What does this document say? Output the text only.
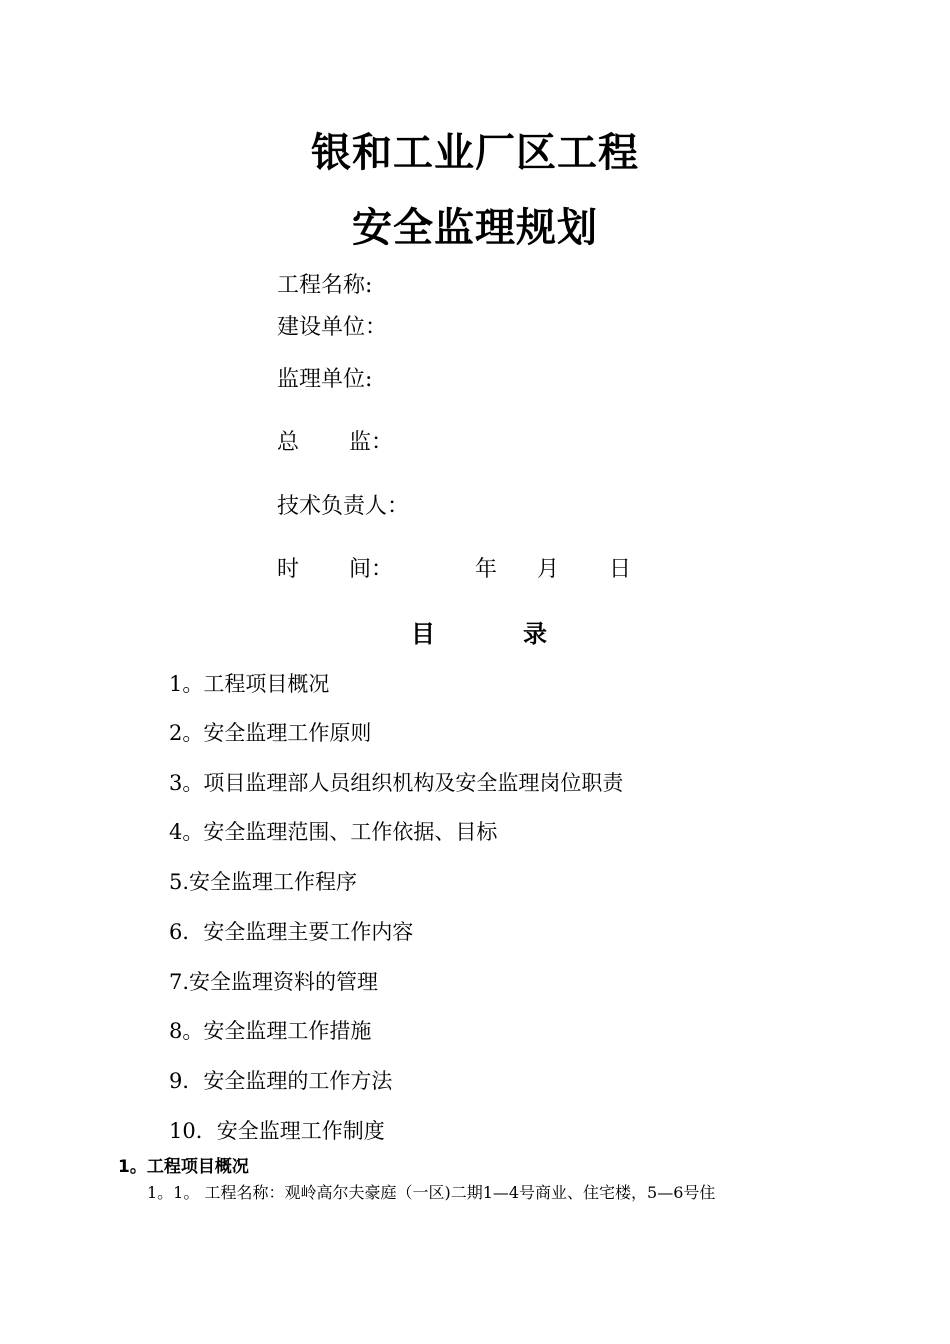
银和工业厂区工程
安全监理规划
工程名称:
建设单位：
监理单位:
总 监：
技术负责人：
时 间：	年 月 日
目	录
1。工程项目概况
2。安全监理工作原则
3。项目监理部人员组织机构及安全监理岗位职责
4。安全监理范围、工作依据、目标
5.安全监理工作程序
6．安全监理主要工作内容
7.安全监理资料的管理
8。安全监理工作措施
9．安全监理的工作方法
10．安全监理工作制度
1。工程项目概况
1。1。 工程名称：观岭高尔夫豪庭（一区)二期1—4号商业、住宅楼，5—6号住
